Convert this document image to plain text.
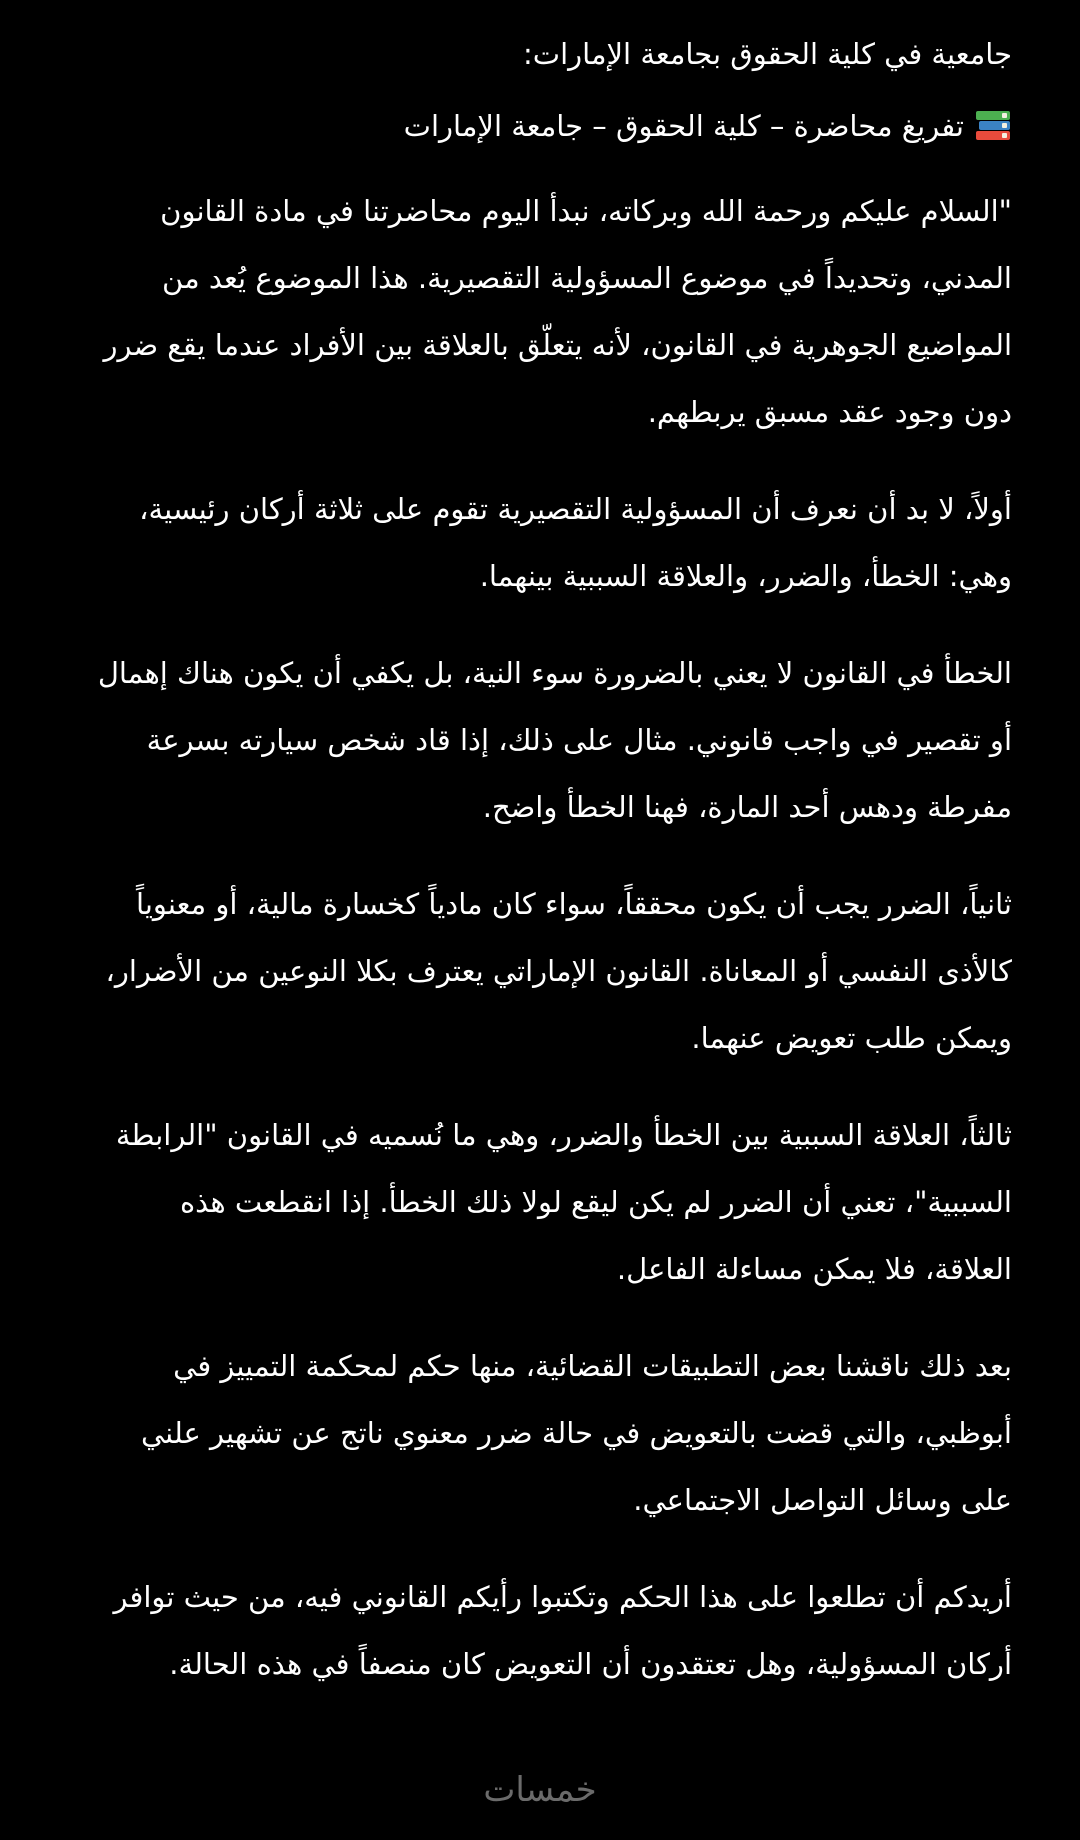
جامعية في كلية الحقوق بجامعة الإمارات:

تفريغ محاضرة – كلية الحقوق – جامعة الإمارات

"السلام عليكم ورحمة الله وبركاته، نبدأ اليوم محاضرتنا في مادة القانون المدني، وتحديداً في موضوع المسؤولية التقصيرية. هذا الموضوع يُعد من المواضيع الجوهرية في القانون، لأنه يتعلّق بالعلاقة بين الأفراد عندما يقع ضرر دون وجود عقد مسبق يربطهم.

أولاً، لا بد أن نعرف أن المسؤولية التقصيرية تقوم على ثلاثة أركان رئيسية، وهي: الخطأ، والضرر، والعلاقة السببية بينهما.

الخطأ في القانون لا يعني بالضرورة سوء النية، بل يكفي أن يكون هناك إهمال أو تقصير في واجب قانوني. مثال على ذلك، إذا قاد شخص سيارته بسرعة مفرطة ودهس أحد المارة، فهنا الخطأ واضح.

ثانياً، الضرر يجب أن يكون محققاً، سواء كان مادياً كخسارة مالية، أو معنوياً كالأذى النفسي أو المعاناة. القانون الإماراتي يعترف بكلا النوعين من الأضرار، ويمكن طلب تعويض عنهما.

ثالثاً، العلاقة السببية بين الخطأ والضرر، وهي ما نُسميه في القانون "الرابطة السببية"، تعني أن الضرر لم يكن ليقع لولا ذلك الخطأ. إذا انقطعت هذه العلاقة، فلا يمكن مساءلة الفاعل.

بعد ذلك ناقشنا بعض التطبيقات القضائية، منها حكم لمحكمة التمييز في أبوظبي، والتي قضت بالتعويض في حالة ضرر معنوي ناتج عن تشهير علني على وسائل التواصل الاجتماعي.

أريدكم أن تطلعوا على هذا الحكم وتكتبوا رأيكم القانوني فيه، من حيث توافر أركان المسؤولية، وهل تعتقدون أن التعويض كان منصفاً في هذه الحالة.

خمسات
